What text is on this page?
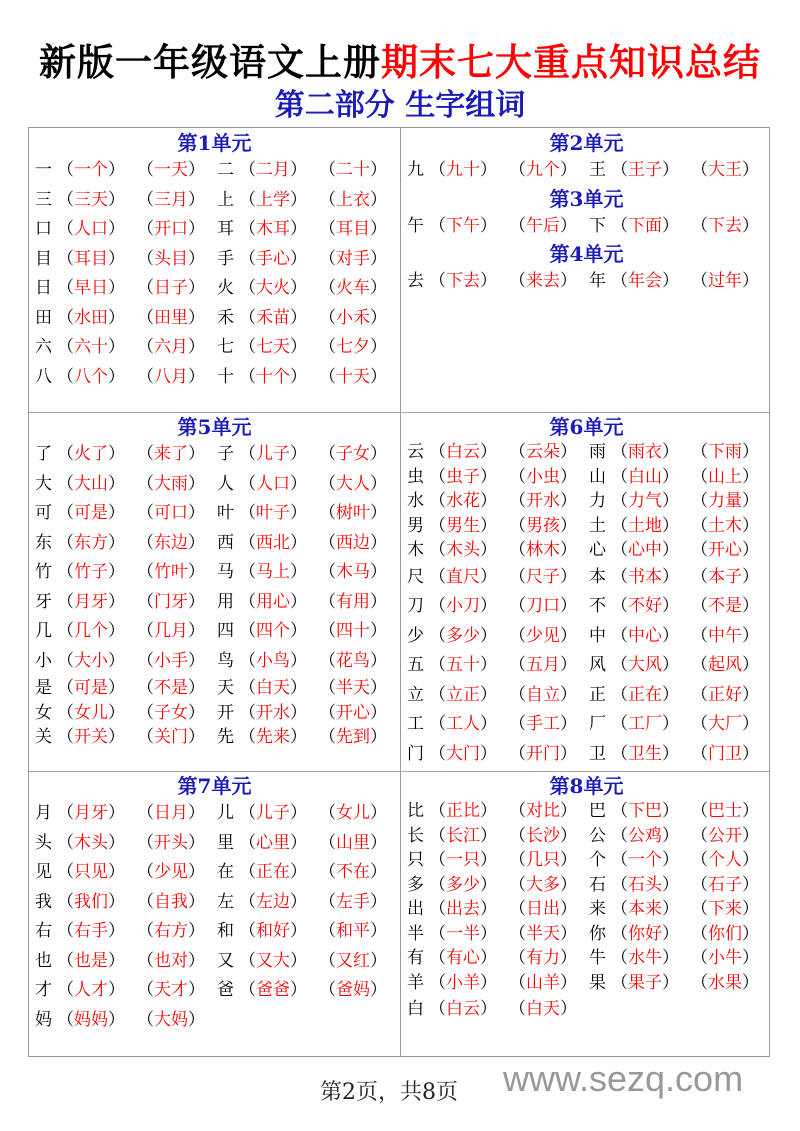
新版一年级语文上册期末七大重点知识总结
第二部分 生字组词
第1单元
一 （一个） （一天） 二 （二月） （二十）
三 （三天） （三月） 上 （上学） （上衣）
口 （人口） （开口） 耳 （木耳） （耳目）
目 （耳目） （头目） 手 （手心） （对手）
日 （早日） （日子） 火 （大火） （火车）
田 （水田） （田里） 禾 （禾苗） （小禾）
六 （六十） （六月） 七 （七天） （七夕）
八 （八个） （八月） 十 （十个） （十天）
第2单元
九 （九十） （九个） 王 （王子） （大王）
第3单元
午 （下午） （午后） 下 （下面） （下去）
第4单元
去 （下去） （来去） 年 （年会） （过年）
第5单元
了 （火了） （来了） 子 （儿子） （子女）
大 （大山） （大雨） 人 （人口） （大人）
可 （可是） （可口） 叶 （叶子） （树叶）
东 （东方） （东边） 西 （西北） （西边）
竹 （竹子） （竹叶） 马 （马上） （木马）
牙 （月牙） （门牙） 用 （用心） （有用）
几 （几个） （几月） 四 （四个） （四十）
小 （大小） （小手） 鸟 （小鸟） （花鸟）
是 （可是） （不是） 天 （白天） （半天）
女 （女儿） （子女） 开 （开水） （开心）
关 （开关） （关门） 先 （先来） （先到）
第6单元
云 （白云） （云朵） 雨 （雨衣） （下雨）
虫 （虫子） （小虫） 山 （白山） （山上）
水 （水花） （开水） 力 （力气） （力量）
男 （男生） （男孩） 土 （土地） （土木）
木 （木头） （林木） 心 （心中） （开心）
尺 （直尺） （尺子） 本 （书本） （本子）
刀 （小刀） （刀口） 不 （不好） （不是）
少 （多少） （少见） 中 （中心） （中午）
五 （五十） （五月） 风 （大风） （起风）
立 （立正） （自立） 正 （正在） （正好）
工 （工人） （手工） 厂 （工厂） （大厂）
门 （大门） （开门） 卫 （卫生） （门卫）
第7单元
月 （月牙） （日月） 儿 （儿子） （女儿）
头 （木头） （开头） 里 （心里） （山里）
见 （只见） （少见） 在 （正在） （不在）
我 （我们） （自我） 左 （左边） （左手）
右 （右手） （右方） 和 （和好） （和平）
也 （也是） （也对） 又 （又大） （又红）
才 （人才） （天才） 爸 （爸爸） （爸妈）
妈 （妈妈） （大妈）
第8单元
比 （正比） （对比） 巴 （下巴） （巴士）
长 （长江） （长沙） 公 （公鸡） （公开）
只 （一只） （几只） 个 （一个） （个人）
多 （多少） （大多） 石 （石头） （石子）
出 （出去） （日出） 来 （本来） （下来）
半 （一半） （半天） 你 （你好） （你们）
有 （有心） （有力） 牛 （水牛） （小牛）
羊 （小羊） （山羊） 果 （果子） （水果）
白 （白云） （白天）
第2页，共8页 www.sezq.com
